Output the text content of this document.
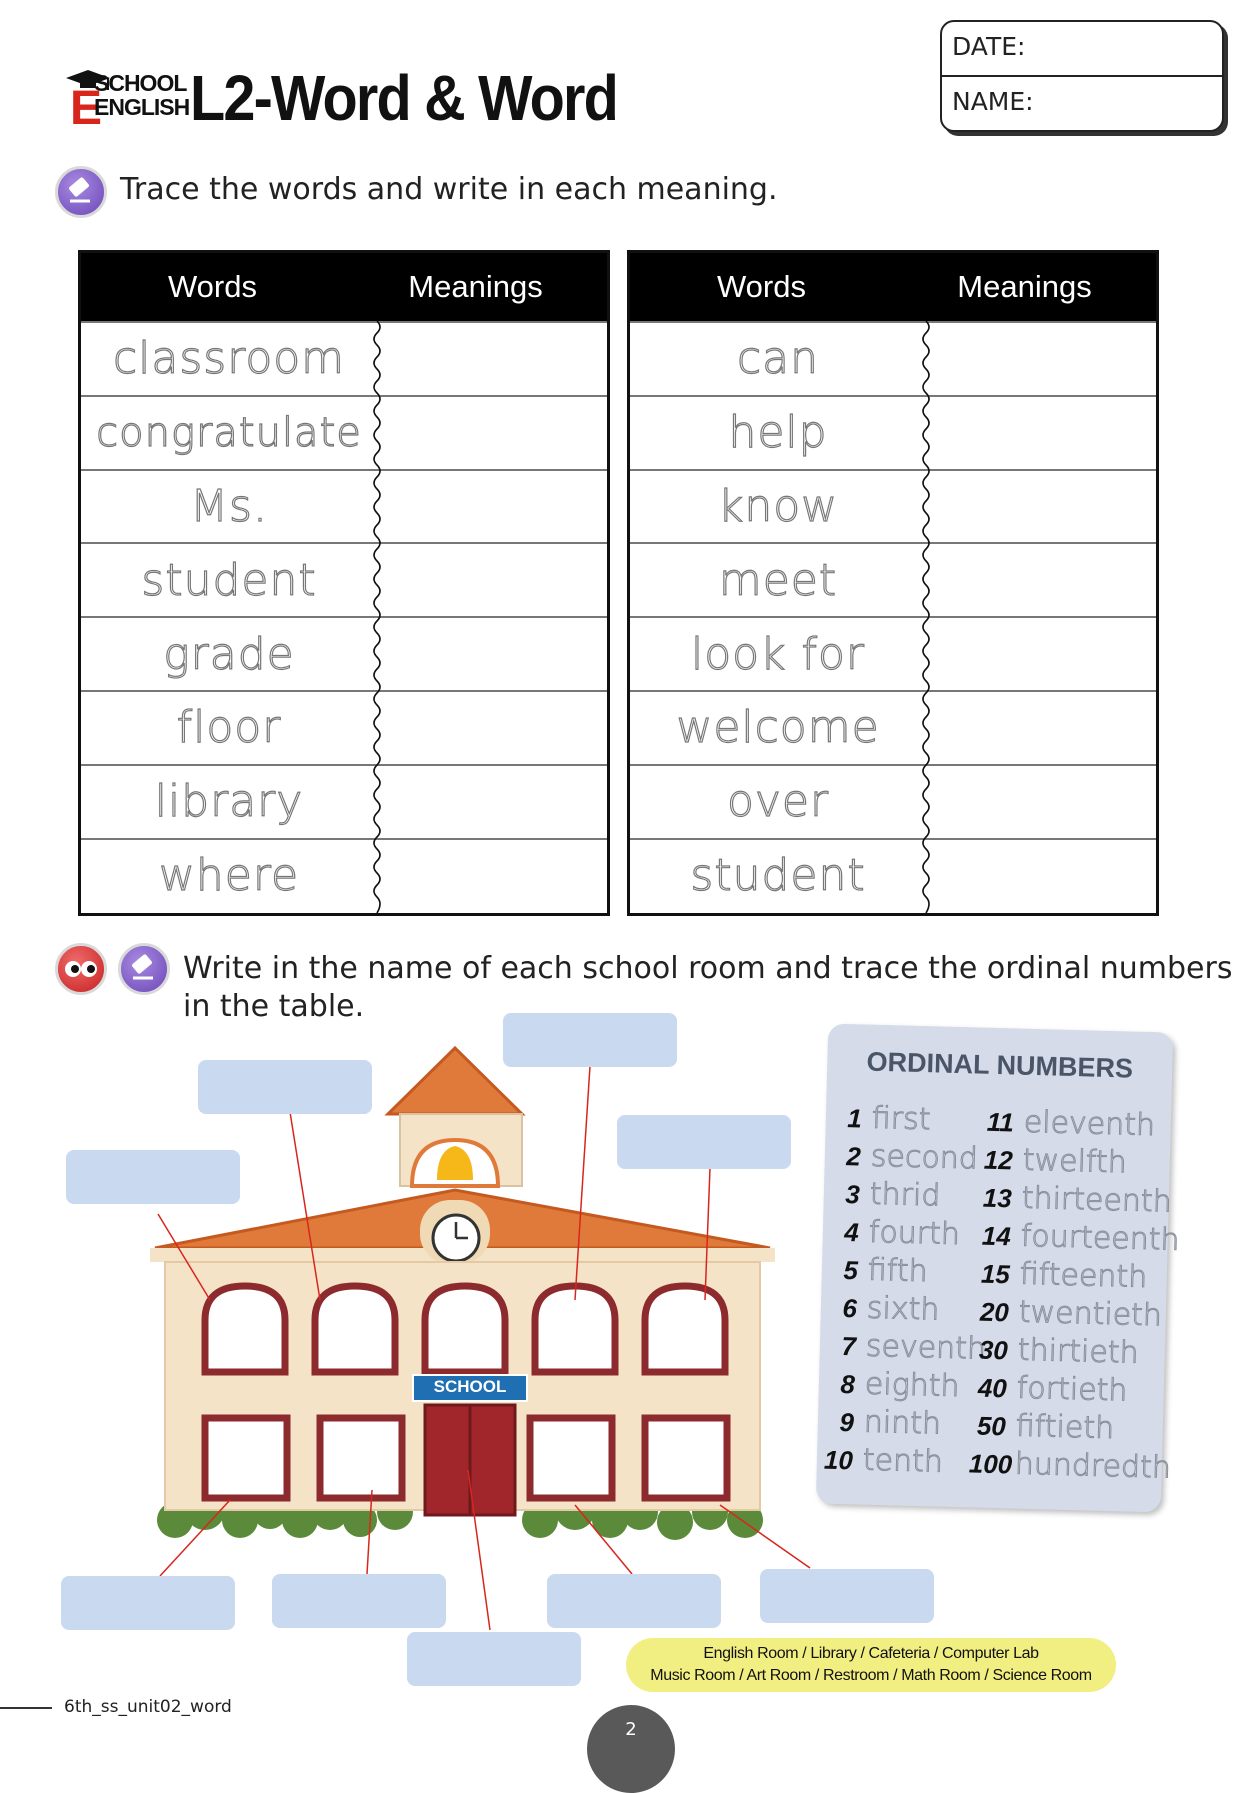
E
SCHOOL
ENGLISH L2-Word & Word
DATE:
NAME:
Trace the words and write in each meaning.
Words	Meanings
classroom
congratulate
Ms.
student
grade
floor
library
where
Words	Meanings
can
help
know
meet
look for
welcome
over
student
Write in the name of each school room and trace the ordinal numbers
in the table.
SCHOOL
ORDINAL NUMBERS
1 first
2 second
3 thrid
4 fourth
5 fifth
6 sixth
7 seventh
8 eighth
9 ninth
10 tenth
11 eleventh
12 twelfth
13 thirteenth
14 fourteenth
15 fifteenth
20 twentieth
30 thirtieth
40 fortieth
50 fiftieth
100 hundredth
English Room / Library / Cafeteria / Computer Lab
Music Room / Art Room / Restroom / Math Room / Science Room
6th_ss_unit02_word
2
